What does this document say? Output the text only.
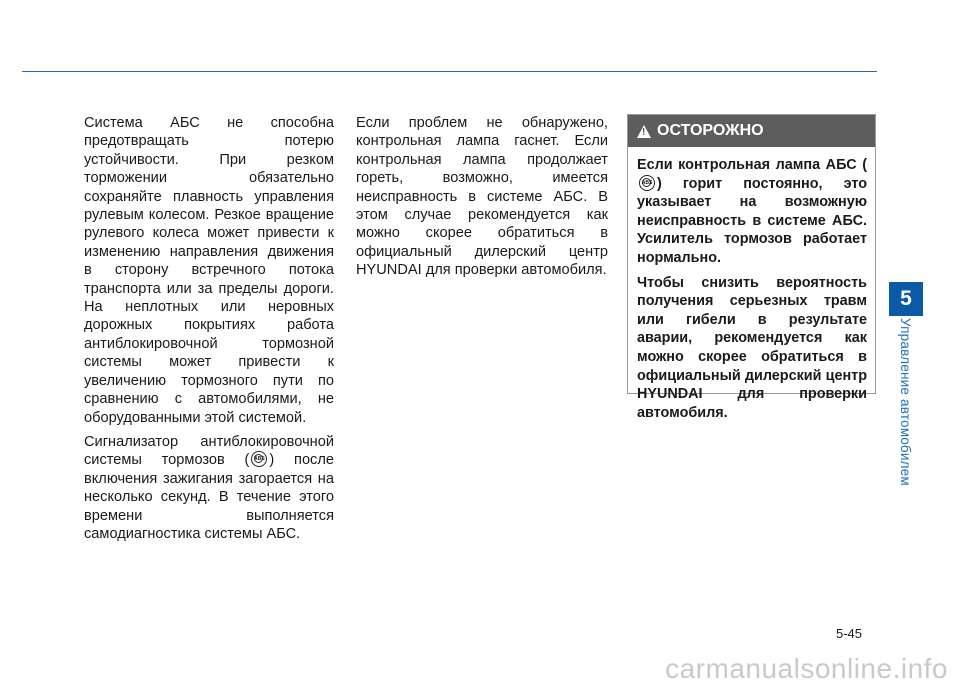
5
Управление автомобилем

Система АБС не способна предотвращать потерю устойчивости. При резком торможении обязательно сохраняйте плавность управления рулевым колесом. Резкое вращение рулевого колеса может привести к изменению направления движения в сторону встречного потока транспорта или за пределы дороги. На неплотных или неровных дорожных покрытиях работа антиблокировочной тормозной системы может привести к увеличению тормозного пути по сравнению с автомобилями, не оборудованными этой системой.

Сигнализатор антиблокировочной системы тормозов ( ABS ) после включения зажигания загорается на несколько секунд. В течение этого времени выполняется самодиагностика системы АБС.

Если проблем не обнаружено, контрольная лампа гаснет. Если контрольная лампа продолжает гореть, возможно, имеется неисправность в системе АБС. В этом случае рекомендуется как можно скорее обратиться в официальный дилерский центр HYUNDAI для проверки автомобиля.

!
ОСТОРОЖНО

Если контрольная лампа АБС (
ABS ) горит постоянно, это указывает на возможную неисправность в системе АБС. Усилитель тормозов работает нормально.

Чтобы снизить вероятность получения серьезных травм или гибели в результате аварии, рекомендуется как можно скорее обратиться в официальный дилерский центр HYUNDAI для проверки автомобиля.

5-45
carmanualsonline.info
